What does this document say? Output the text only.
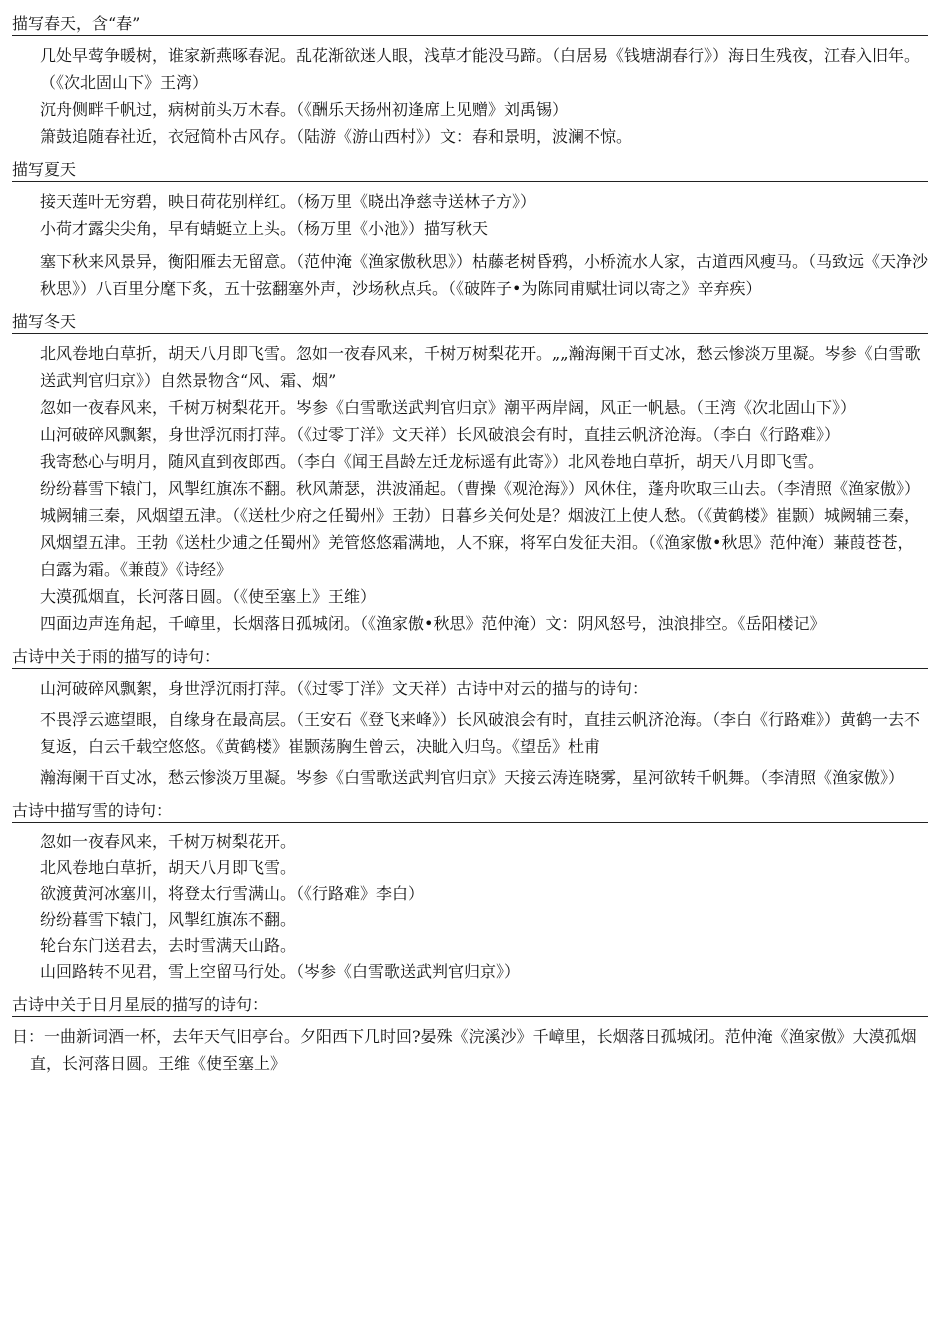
描写春天，含“春”
几处早莺争暖树，谁家新燕啄春泥。乱花渐欲迷人眼，浅草才能没马蹄。（白居易《钱塘湖春行》）海日生残夜，江春入旧年。（《次北固山下》王湾）
沉舟侧畔千帆过，病树前头万木春。（《酬乐天扬州初逢席上见赠》刘禹锡）
箫鼓追随春社近，衣冠简朴古风存。（陆游《游山西村》）文：春和景明，波澜不惊。
描写夏天
接天莲叶无穷碧，映日荷花别样红。（杨万里《晓出净慈寺送林子方》）
小荷才露尖尖角，早有蜻蜓立上头。（杨万里《小池》）描写秋天
塞下秋来风景异，衡阳雁去无留意。（范仲淹《渔家傲秋思》）枯藤老树昏鸦，小桥流水人家，古道西风瘦马。（马致远《天净沙秋思》）八百里分麾下炙，五十弦翻塞外声，沙场秋点兵。（《破阵子•为陈同甫赋壮词以寄之》辛弃疾）
描写冬天
北风卷地白草折，胡天八月即飞雪。忽如一夜春风来，千树万树梨花开。„„瀚海阑干百丈冰，愁云惨淡万里凝。岑参《白雪歌送武判官归京》）自然景物含“风、霜、烟”
忽如一夜春风来，千树万树梨花开。岑参《白雪歌送武判官归京》潮平两岸阔，风正一帆悬。（王湾《次北固山下》）
山河破碎风飘絮，身世浮沉雨打萍。（《过零丁洋》文天祥）长风破浪会有时，直挂云帆济沧海。（李白《行路难》）
我寄愁心与明月，随风直到夜郎西。（李白《闻王昌龄左迁龙标遥有此寄》）北风卷地白草折，胡天八月即飞雪。
纷纷暮雪下辕门，风掣红旗冻不翻。秋风萧瑟，洪波涌起。（曹操《观沧海》）风休住，蓬舟吹取三山去。（李清照《渔家傲》）城阙辅三秦，风烟望五津。（《送杜少府之任蜀州》王勃）日暮乡关何处是？烟波江上使人愁。（《黄鹤楼》崔颢）城阙辅三秦，风烟望五津。王勃《送杜少逋之任蜀州》羌管悠悠霜满地，人不寐，将军白发征夫泪。（《渔家傲•秋思》范仲淹）蒹葭苍苍，白露为霜。《兼葭》《诗经》
大漠孤烟直，长河落日圆。（《使至塞上》王维）
四面边声连角起，千嶂里，长烟落日孤城闭。（《渔家傲•秋思》范仲淹）文：阴风怒号，浊浪排空。《岳阳楼记》
古诗中关于雨的描写的诗句：
山河破碎风飘絮，身世浮沉雨打萍。（《过零丁洋》文天祥）古诗中对云的描与的诗句：
不畏浮云遮望眼，自缘身在最高层。（王安石《登飞来峰》）长风破浪会有时，直挂云帆济沧海。（李白《行路难》）黄鹤一去不复返，白云千载空悠悠。《黄鹤楼》崔颢荡胸生曾云，决眦入归鸟。《望岳》杜甫
瀚海阑干百丈冰，愁云惨淡万里凝。岑参《白雪歌送武判官归京》天接云涛连晓雾，星河欲转千帆舞。（李清照《渔家傲》）
古诗中描写雪的诗句：
忽如一夜春风来，千树万树梨花开。
北风卷地白草折，胡天八月即飞雪。
欲渡黄河冰塞川，将登太行雪满山。（《行路难》李白）
纷纷暮雪下辕门，风掣红旗冻不翻。
轮台东门送君去，去时雪满天山路。
山回路转不见君，雪上空留马行处。（岑参《白雪歌送武判官归京》）
古诗中关于日月星辰的描写的诗句：
日：一曲新词酒一杯，去年天气旧亭台。夕阳西下几时回?晏殊《浣溪沙》千嶂里，长烟落日孤城闭。范仲淹《渔家傲》大漠孤烟直，长河落日圆。王维《使至塞上》
